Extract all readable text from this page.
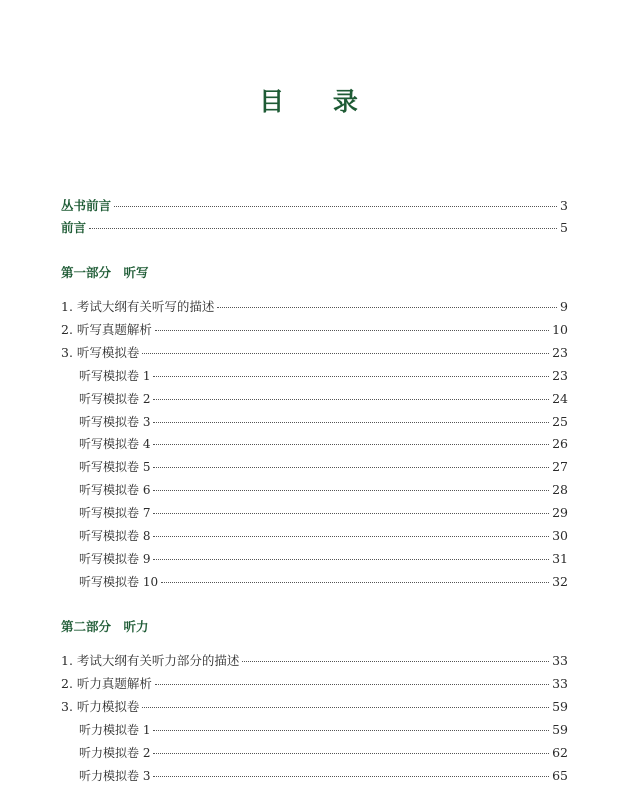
目 录
丛书前言	3
前言	5
第一部分　听写
1. 考试大纲有关听写的描述	9
2. 听写真题解析	10
3. 听写模拟卷	23
听写模拟卷 1	23
听写模拟卷 2	24
听写模拟卷 3	25
听写模拟卷 4	26
听写模拟卷 5	27
听写模拟卷 6	28
听写模拟卷 7	29
听写模拟卷 8	30
听写模拟卷 9	31
听写模拟卷 10	32
第二部分　听力
1. 考试大纲有关听力部分的描述	33
2. 听力真题解析	33
3. 听力模拟卷	59
听力模拟卷 1	59
听力模拟卷 2	62
听力模拟卷 3	65
